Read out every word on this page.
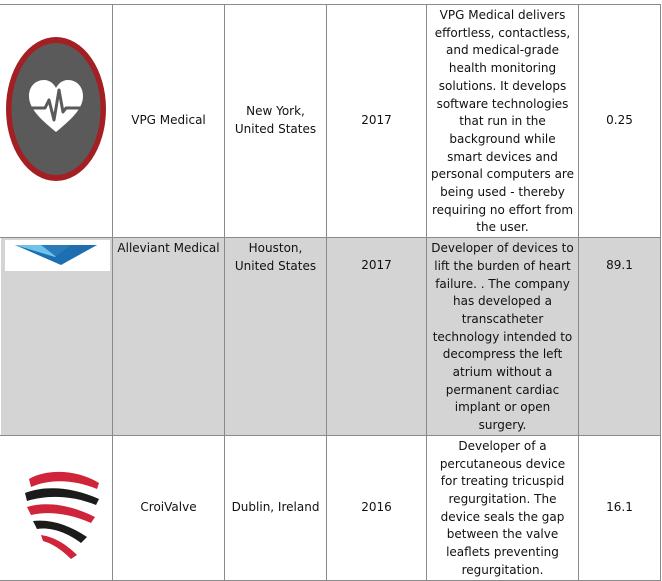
	VPG Medical	New York, United States	2017	VPG Medical delivers effortless, contactless, and medical-grade health monitoring solutions. It develops software technologies that run in the background while smart devices and personal computers are being used - thereby requiring no effort from the user.	0.25

	Alleviant Medical	Houston, United States	2017	Developer of devices to lift the burden of heart failure. . The company has developed a transcatheter technology intended to decompress the left atrium without a permanent cardiac implant or open surgery.	89.1

	CroiValve	Dublin, Ireland	2016	Developer of a percutaneous device for treating tricuspid regurgitation. The device seals the gap between the valve leaflets preventing regurgitation.	16.1
